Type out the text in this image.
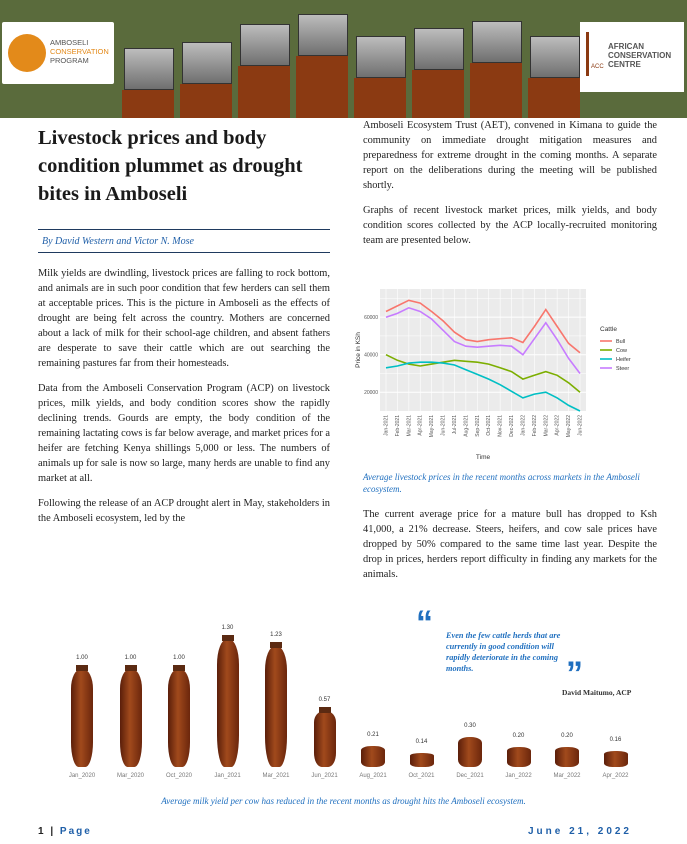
AMBOSELI
CONSERVATION
PROGRAM
ACC
AFRICAN
CONSERVATION
CENTRE
Livestock prices and body condition plummet as drought bites in Amboseli
By David Western and Victor N. Mose

Milk yields are dwindling, livestock prices are falling to rock bottom, and animals are in such poor condition that few herders can sell them at acceptable prices. This is the picture in Amboseli as the effects of drought are being felt across the country. Mothers are concerned about a lack of milk for their school-age children, and absent fathers are desperate to save their cattle which are out searching the remaining pastures far from their homesteads.

Data from the Amboseli Conservation Program (ACP) on livestock prices, milk yields, and body condition scores show the rapidly declining trends. Gourds are empty, the body condition of the remaining lactating cows is far below average, and market prices for a heifer are fetching Kenya shillings 5,000 or less. The numbers of animals up for sale is now so large, many herds are unable to find any market at all.

Following the release of an ACP drought alert in May, stakeholders in the Amboseli ecosystem, led by the

Amboseli Ecosystem Trust (AET), convened in Kimana to guide the community on immediate drought mitigation measures and preparedness for extreme drought in the coming months. A separate report on the deliberations during the meeting will be published shortly.

Graphs of recent livestock market prices, milk yields, and body condition scores collected by the ACP locally-recruited monitoring team are presented below.

Jan-2021 Feb-2021 Mar-2021 Apr-2021 May-2021 Jun-2021 Jul-2021 Aug-2021 Sep-2021 Oct-2021 Nov-2021 Dec-2021 Jan-2022 Feb-2022 Mar-2022 Apr-2022 May-2022 Jun-2022
20000
40000
60000
Price in KSh
Time
Cattle
Bull
Cow
Heifer
Steer
Average livestock prices in the recent months across markets in the Amboseli ecosystem.

The current average price for a mature bull has dropped to Ksh 41,000, a 21% decrease. Steers, heifers, and cow sale prices have dropped by 50% compared to the same time last year. Despite the drop in prices, herders report difficulty in finding any markets for the animals.

1.00
Jan_2020
1.00
Mar_2020
1.00
Oct_2020
1.30
Jan_2021
1.23
Mar_2021
0.57
Jun_2021
0.21
Aug_2021
0.14
Oct_2021
0.30
Dec_2021
0.20
Jan_2022
0.20
Mar_2022
0.16
Apr_2022
Average milk yield per cow has reduced in the recent months as drought hits the Amboseli ecosystem.
“ Even the few cattle herds that are currently in good condition will rapidly deteriorate in the coming months.	”
David Maitumo, ACP
1 | Page	June 21, 2022
